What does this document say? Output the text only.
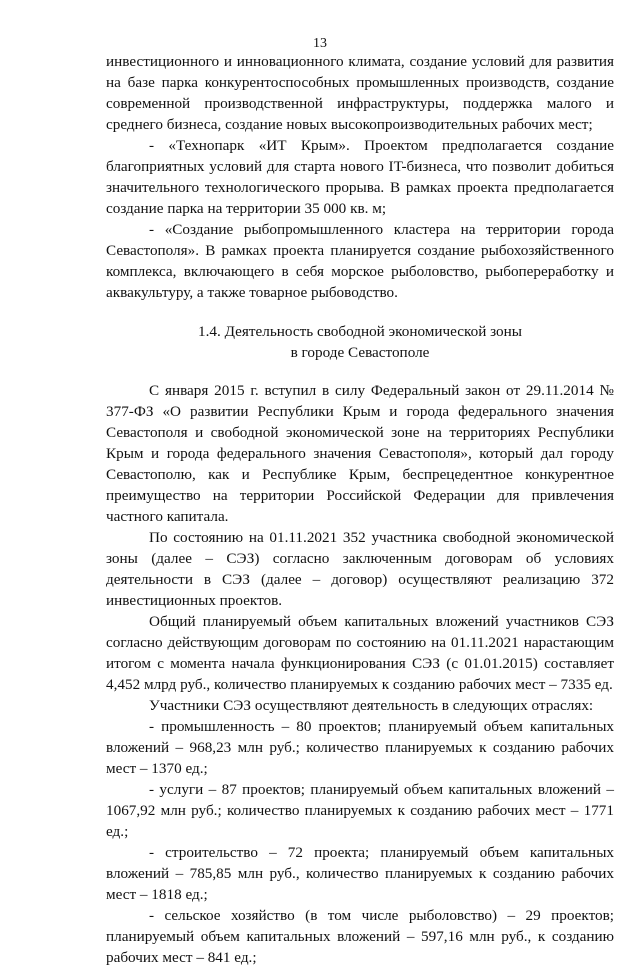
13

инвестиционного и инновационного климата, создание условий для развития на базе парка конкурентоспособных промышленных производств, создание современной производственной инфраструктуры, поддержка малого и среднего бизнеса, создание новых высокопроизводительных рабочих мест;

- «Технопарк «ИТ Крым». Проектом предполагается создание благоприятных условий для старта нового IT-бизнеса, что позволит добиться значительного технологического прорыва. В рамках проекта предполагается создание парка на территории 35 000 кв. м;

- «Создание рыбопромышленного кластера на территории города Севастополя». В рамках проекта планируется создание рыбохозяйственного комплекса, включающего в себя морское рыболовство, рыбопереработку и аквакультуру, а также товарное рыбоводство.

1.4. Деятельность свободной экономической зоны
в городе Севастополе

С января 2015 г. вступил в силу Федеральный закон от 29.11.2014 № 377-ФЗ «О развитии Республики Крым и города федерального значения Севастополя и свободной экономической зоне на территориях Республики Крым и города федерального значения Севастополя», который дал городу Севастополю, как и Республике Крым, беспрецедентное конкурентное преимущество на территории Российской Федерации для привлечения частного капитала.

По состоянию на 01.11.2021 352 участника свободной экономической зоны (далее – СЭЗ) согласно заключенным договорам об условиях деятельности в СЭЗ (далее – договор) осуществляют реализацию 372 инвестиционных проектов.

Общий планируемый объем капитальных вложений участников СЭЗ согласно действующим договорам по состоянию на 01.11.2021 нарастающим итогом с момента начала функционирования СЭЗ (с 01.01.2015) составляет 4,452 млрд руб., количество планируемых к созданию рабочих мест – 7335 ед.

Участники СЭЗ осуществляют деятельность в следующих отраслях:

- промышленность – 80 проектов; планируемый объем капитальных вложений – 968,23 млн руб.; количество планируемых к созданию рабочих мест – 1370 ед.;

- услуги – 87 проектов; планируемый объем капитальных вложений – 1067,92 млн руб.; количество планируемых к созданию рабочих мест – 1771 ед.;

- строительство – 72 проекта; планируемый объем капитальных вложений – 785,85 млн руб., количество планируемых к созданию рабочих мест – 1818 ед.;

- сельское хозяйство (в том числе рыболовство) – 29 проектов; планируемый объем капитальных вложений – 597,16 млн руб., к созданию рабочих мест – 841 ед.;
